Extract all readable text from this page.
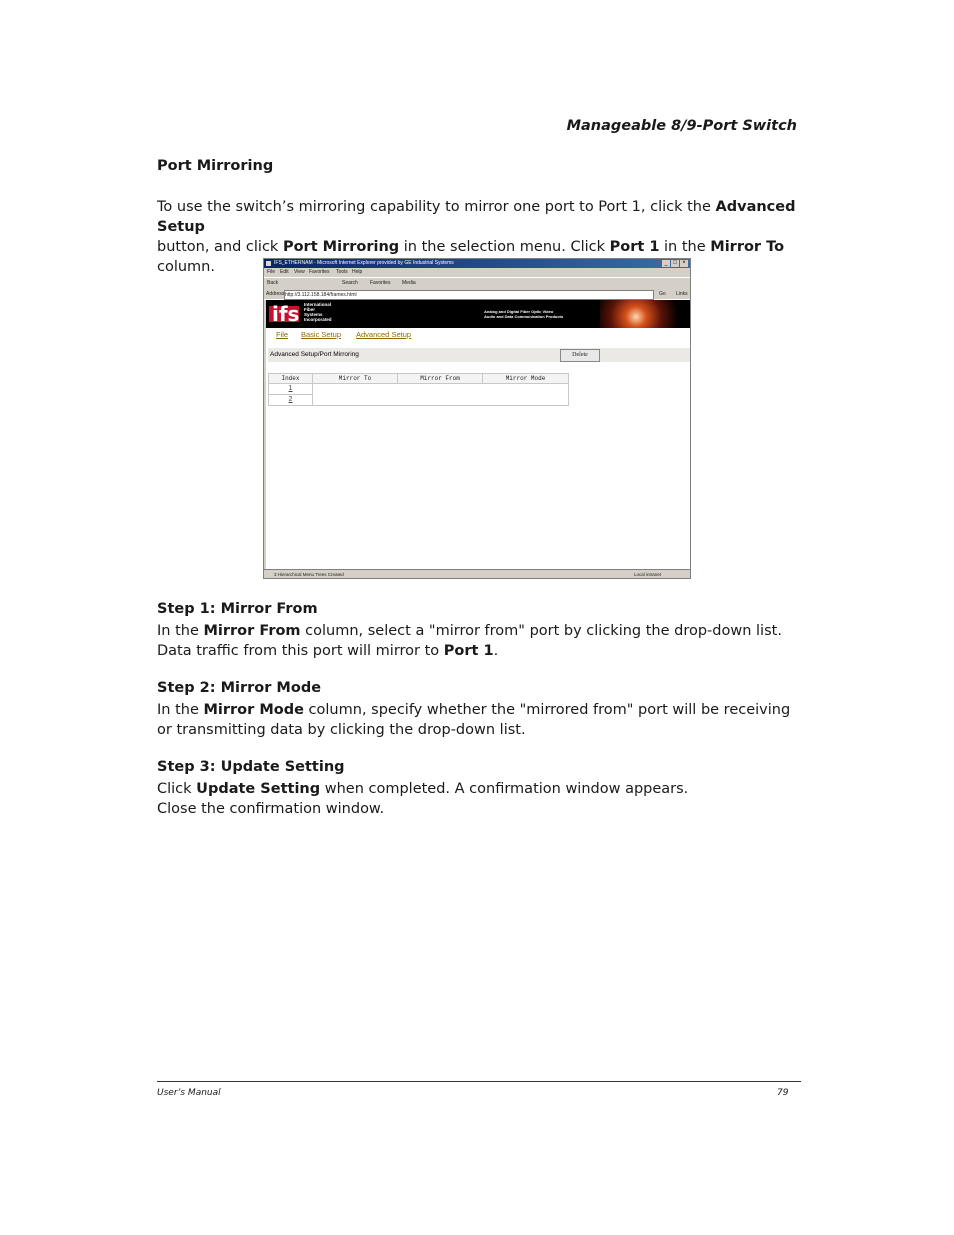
Manageable 8/9-Port Switch
Port Mirroring
To use the switch’s mirroring capability to mirror one port to Port 1, click the Advanced Setup
button, and click Port Mirroring in the selection menu. Click Port 1 in the Mirror To column.	IFS_ETHERNAM - Microsoft Internet Explorer provided by GE Industrial Systems	_ □ ×
File Edit View Favorites Tools Help
Back	Search Favorites Media
Address http://3.112.158.184/frames.html	Go Links
ifs International
Fiber
Systems
Incorporated
Analog and Digital Fiber Optic Video
Audio and Data Communication Products
File Basic Setup Advanced Setup
Advanced Setup/Port Mirroring	Delete
Index	Mirror To	Mirror From	Mirror Mode
1
2
3 Hierarchical Menu Trees Created	Local intranet
Step 1: Mirror From
In the Mirror From column, select a "mirror from" port by clicking the drop-down list.
Data traffic from this port will mirror to Port 1.
Step 2: Mirror Mode
In the Mirror Mode column, specify whether the "mirrored from" port will be receiving
or transmitting data by clicking the drop-down list.
Step 3: Update Setting
Click Update Setting when completed. A confirmation window appears.
Close the confirmation window.
User’s Manual	79
